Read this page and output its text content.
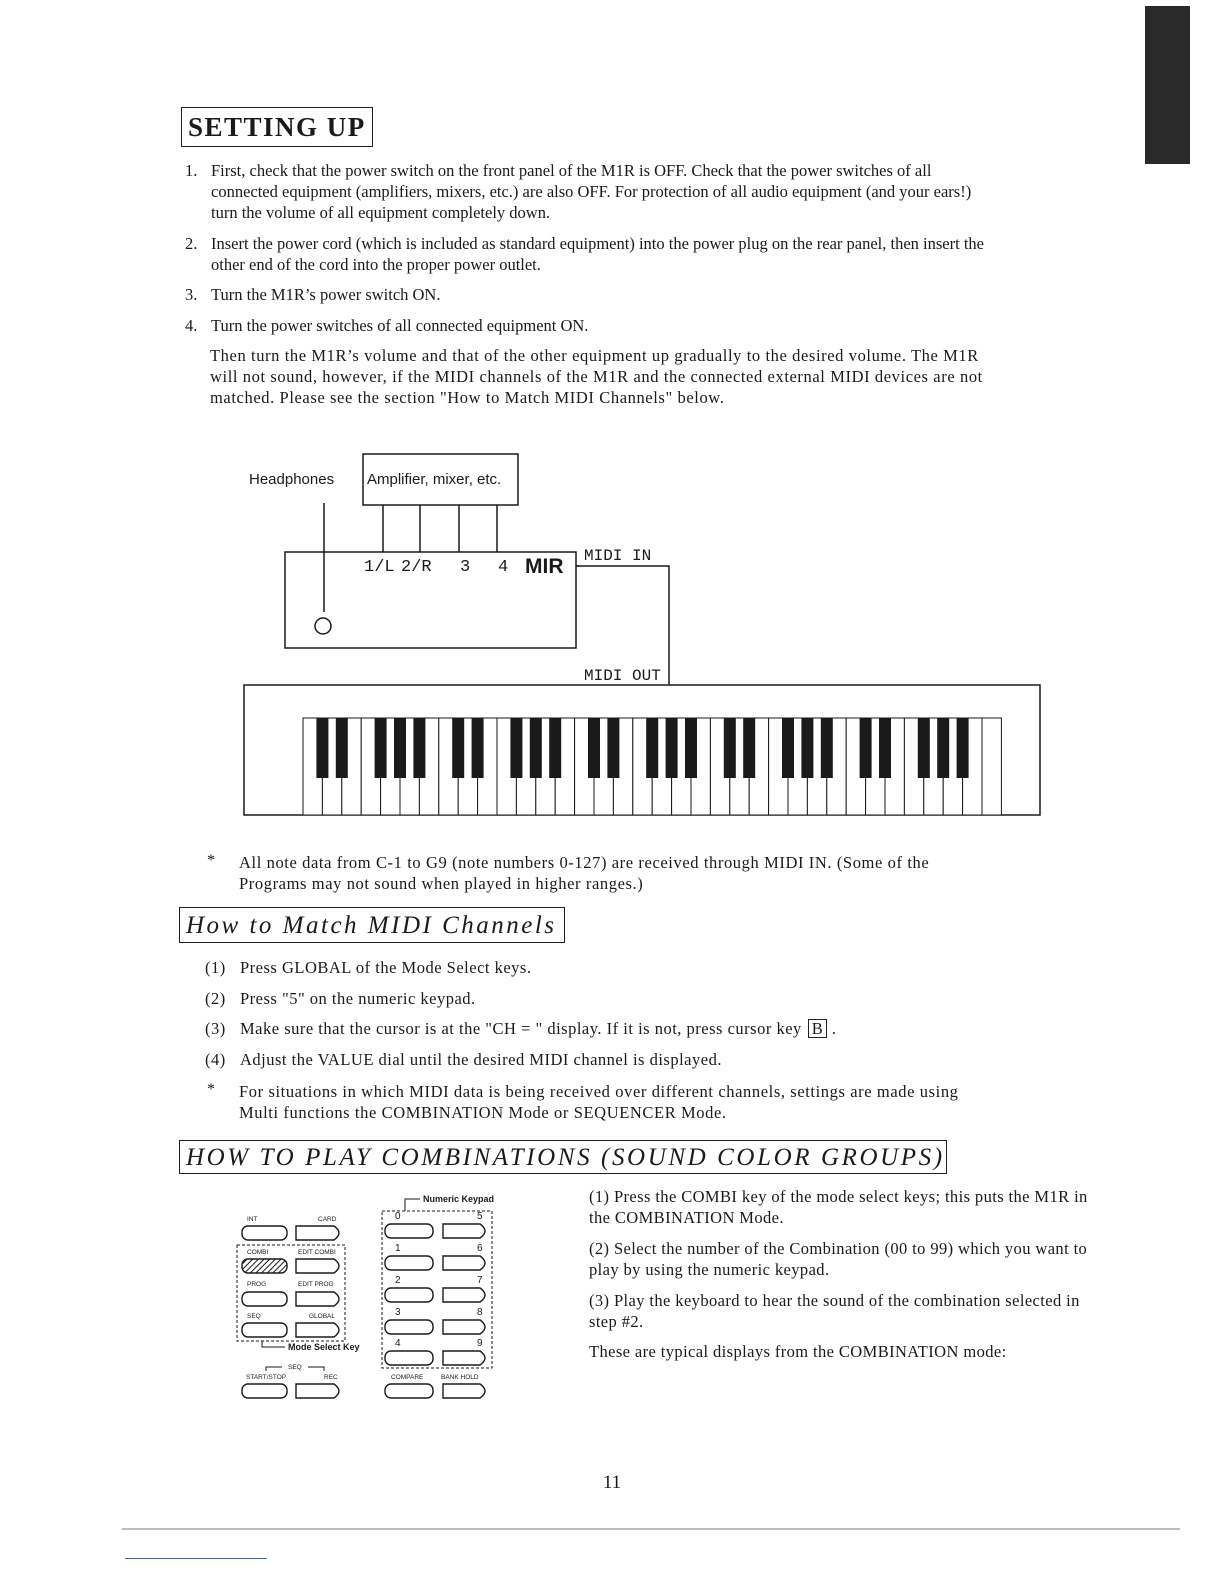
SETTING UP
1. First, check that the power switch on the front panel of the M1R is OFF. Check that the power switches of all
connected equipment (amplifiers, mixers, etc.) are also OFF. For protection of all audio equipment (and your ears!)
turn the volume of all equipment completely down.
2. Insert the power cord (which is included as standard equipment) into the power plug on the rear panel, then insert the
other end of the cord into the proper power outlet.
3. Turn the M1R’s power switch ON.
4. Turn the power switches of all connected equipment ON.
Then turn the M1R’s volume and that of the other equipment up gradually to the desired volume. The M1R
will not sound, however, if the MIDI channels of the M1R and the connected external MIDI devices are not
matched. Please see the section "How to Match MIDI Channels" below.
Headphones Amplifier, mixer, etc.
1/L 2/R 3 4 MIR MIDI IN
MIDI OUT
* All note data from C-1 to G9 (note numbers 0-127) are received through MIDI IN. (Some of the
Programs may not sound when played in higher ranges.)
How to Match MIDI Channels
(1) Press GLOBAL of the Mode Select keys.
(2) Press "5" on the numeric keypad.
(3) Make sure that the cursor is at the "CH = " display. If it is not, press cursor key B .
(4) Adjust the VALUE dial until the desired MIDI channel is displayed.
* For situations in which MIDI data is being received over different channels, settings are made using
Multi functions the COMBINATION Mode or SEQUENCER Mode.
HOW TO PLAY COMBINATIONS (SOUND COLOR GROUPS)
INT	CARD
COMBI	EDIT COMBI
PROG	EDIT PROG
SEQ	GLOBAL
SEQ
START/STOP	REC	COMPARE	BANK HOLD
Mode Select Key
Numeric Keypad
0	5
1	6
2	7
3	8
4	9
(1) Press the COMBI key of the mode select keys; this puts the M1R in the COMBINATION Mode.
(2) Select the number of the Combination (00 to 99) which you want to play by using the numeric keypad.
(3) Play the keyboard to hear the sound of the combination selected in step #2.
These are typical displays from the COMBINATION mode:
11
